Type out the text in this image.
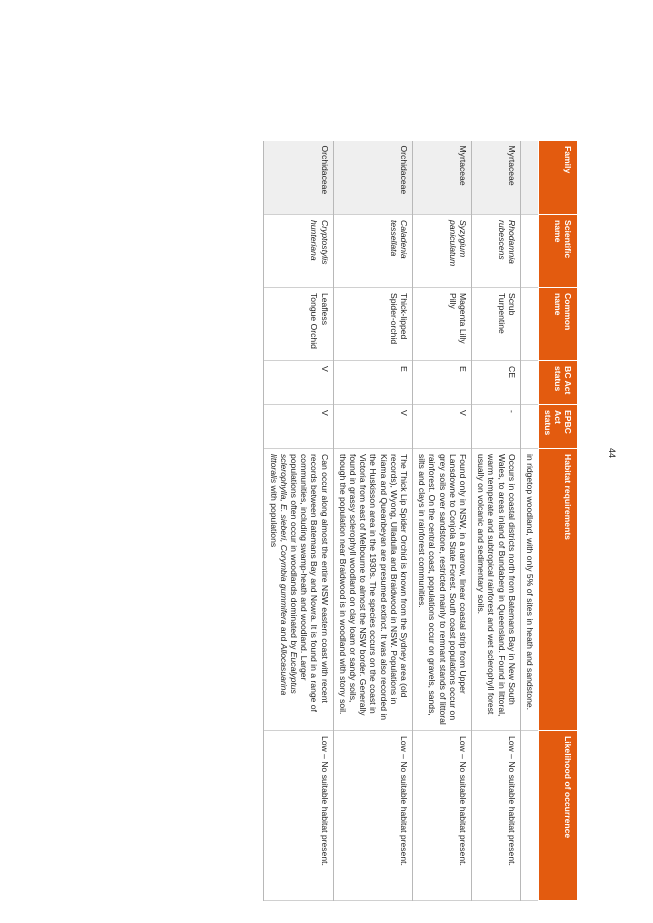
44
Family	Scientific name	Common name	BC Act status	EPBC Act status	Habitat requirements	Likelihood of occurrence
					in ridgetop woodland, with only 5% of sites in heath and sandstone.	
Myrtaceae	Rhodamnia rubescens	Scrub Turpentine	CE	-	Occurs in coastal districts north from Batemans Bay in New South Wales, to areas inland of Bundaberg in Queensland. Found in littoral, warm temperate and subtropical rainforest and wet sclerophyll forest usually on volcanic and sedimentary soils.	Low – No suitable habitat present.
Myrtaceae	Syzygium paniculatum	Magenta Lilly Pilly	E	V	Found only in NSW, in a narrow, linear coastal strip from Upper Lansdowne to Conjola State Forest. South coast populations occur on grey soils over sandstone, restricted mainly to remnant stands of littoral rainforest. On the central coast, populations occur on gravels, sands, silts and clays in rainforest communities.	Low – No suitable habitat present.
Orchidaceae	Caladenia tessellata	Thick-lipped Spider-orchid	E	V	The Thick Lip Spider Orchid is known from the Sydney area (old records), Wyong, Ulladulla and Braidwood in NSW. Populations in Kiama and Queanbeyan are presumed extinct. It was also recorded in the Huskisson area in the 1930s. The species occurs on the coast in Victoria from east of Melbourne to almost the NSW border. Generally found in grassy sclerophyll woodland on clay loam or sandy soils, though the population near Braidwood is in woodland with stony soil.	Low – No suitable habitat present.
Orchidaceae	Cryptostylis hunteriana	Leafless Tongue Orchid	V	V	Can occur along almost the entire NSW eastern coast with recent records between Batemans Bay and Nowra. It is found in a range of communities, including swamp-heath and woodland. Larger populations often occur in woodlands dominated by Eucalyptus sclerophylla, E. sieberi, Corymbia gummifera and Allocasuarina littoralis with populations	Low – No suitable habitat present.
